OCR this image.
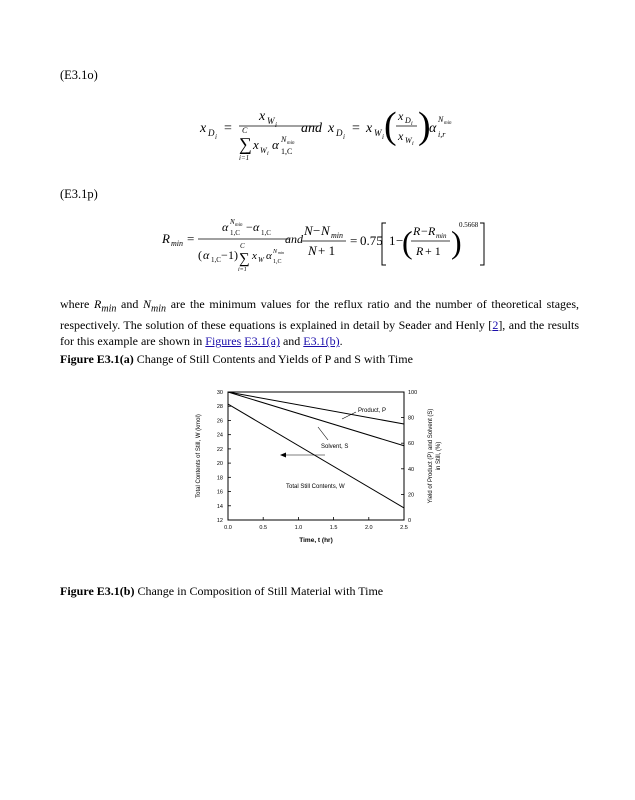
(E3.1o)
x D i
=
x W i
C
∑
i=1
x W i
α 1,C
N min
and x D i
= x W i ( x D i
x W i )
α i,r
N min
(E3.1p)
R min =
α 1,C
N min − α 1,C
( α 1,C − 1 )
C
∑
i=1
x W α 1,C
N min
and
N − N min
N + 1
= 0.75 1 −
( R − R min
R + 1 )
0.5668

where $R_{min}$ and $N_{min}$ are the minimum values for the reflux ratio and the number of theoretical stages, respectively. The solution of these equations is explained in detail by Seader and Henly [2], and the results for this example are shown in Figures E3.1(a) and E3.1(b).

Figure E3.1(a) Change of Still Contents and Yields of P and S with Time
0.0	0.5	1.0	1.5	2.0	2.5
12
14
16
18
20
22
24
26
28
30
0
20
40
60
80
100
Product, P
Solvent, S
Total Still Contents, W
Time, t (hr)
Total Contents of Still, W (kmol)	Yield of Product (P) and Solvent (S) in Still, (%)
Figure E3.1(b) Change in Composition of Still Material with Time
